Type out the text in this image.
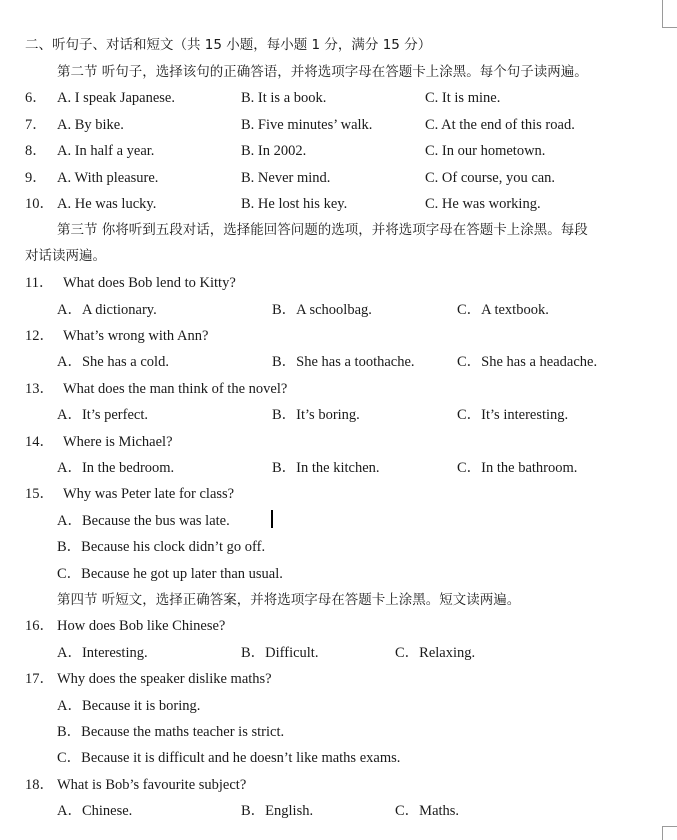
二、听句子、对话和短文（共 15 小题，每小题 1 分，满分 15 分）
第二节 听句子，选择该句的正确答语，并将选项字母在答题卡上涂黑。每个句子读两遍。
6． A. I speak Japanese.	B. It is a book.	C. It is mine.
7． A. By bike.	B. Five minutes’ walk.	C. At the end of this road.
8． A. In half a year.	B. In 2002.	C. In our hometown.
9． A. With pleasure.	B. Never mind.	C. Of course, you can.
10． A. He was lucky.	B. He lost his key.	C. He was working.
第三节 你将听到五段对话，选择能回答问题的选项，并将选项字母在答题卡上涂黑。每段
对话读两遍。
11． What does Bob lend to Kitty?
A．A dictionary.	B．A schoolbag.	C．A textbook.
12． What’s wrong with Ann?
A．She has a cold.	B．She has a toothache.	C．She has a headache.
13． What does the man think of the novel?
A．It’s perfect.	B．It’s boring.	C．It’s interesting.
14． Where is Michael?
A．In the bedroom.	B．In the kitchen.	C．In the bathroom.
15． Why was Peter late for class?
A．Because the bus was late.
B．Because his clock didn’t go off.
C．Because he got up later than usual.
第四节 听短文，选择正确答案，并将选项字母在答题卡上涂黑。短文读两遍。
16． How does Bob like Chinese?
A．Interesting.	B．Difficult.	C．Relaxing.
17． Why does the speaker dislike maths?
A．Because it is boring.
B．Because the maths teacher is strict.
C．Because it is difficult and he doesn’t like maths exams.
18． What is Bob’s favourite subject?
A．Chinese.	B．English.	C．Maths.
